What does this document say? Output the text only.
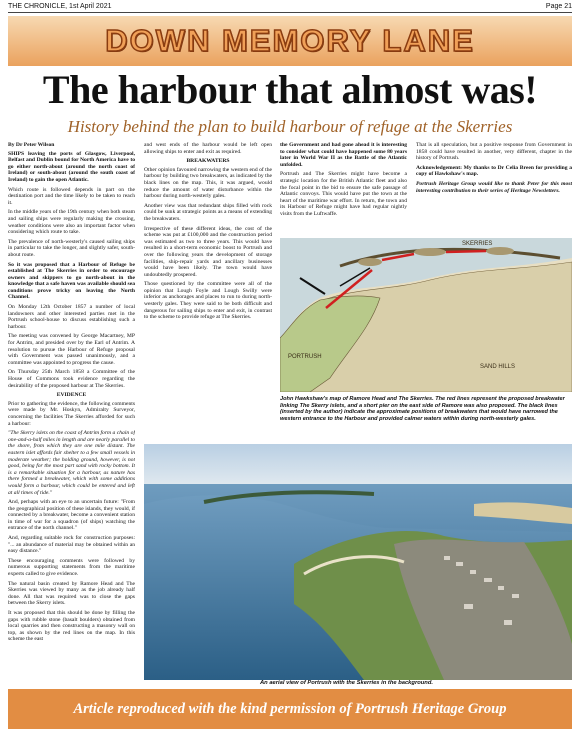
THE CHRONICLE, 1st April 2021	Page 21
DOWN MEMORY LANE
The harbour that almost was!
History behind the plan to build harbour of refuge at the Skerries

By Dr Peter Wilson

SHIPS leaving the ports of Glasgow, Liverpool, Belfast and Dublin bound for North America have to go either north-about (around the north coast of Ireland) or south-about (around the south coast of Ireland) to gain the open Atlantic.

Which route is followed depends in part on the destination port and the time likely to be taken to reach it.

In the middle years of the 19th century when both steam and sailing ships were regularly making the crossing, weather conditions were also an important factor when considering which route to take.

The prevalence of north-westerly's caused sailing ships in particular to take the longer, and slightly safer, south-about route.

So it was proposed that a Harbour of Refuge be established at The Skerries in order to encourage owners and skippers to go north-about in the knowledge that a safe haven was available should sea conditions prove tricky on leaving the North Channel.

On Monday 12th October 1857 a number of local landowners and other interested parties met in the Portrush school-house to discuss establishing such a harbour.

The meeting was convened by George Macartney, MP for Antrim, and presided over by the Earl of Antrim. A resolution to pursue the Harbour of Refuge proposal with Government was passed unanimously, and a committee was appointed to progress the cause.

On Thursday 25th March 1858 a Committee of the House of Commons took evidence regarding the desirability of the proposed harbour at The Skerries.

EVIDENCE

Prior to gathering the evidence, the following comments were made by Mr. Hoskyn, Admiralty Surveyor, concerning the facilities The Skerries afforded for such a harbour:

"The Skerry islets on the coast of Antrim form a chain of one-and-a-half miles in length and are nearly parallel to the shore, from which they are one mile distant. The eastern islet affords fair shelter to a few small vessels in moderate weather; the holding ground, however, is not good, being for the most part sand with rocky bottom. It is a remarkable situation for a harbour, as nature has there formed a breakwater, which with some additions would form a harbour, which could be entered and left at all times of tide."

And, perhaps with an eye to an uncertain future: "From the geographical position of these islands, they would, if connected by a breakwater, become a convenient station in time of war for a squadron (of ships) watching the entrance of the north channel."

And, regarding suitable rock for construction purposes: "... an abundance of material may be obtained within an easy distance."

These encouraging comments were followed by numerous supporting statements from the maritime experts called to give evidence.

The natural basin created by Ramore Head and The Skerries was viewed by many as the job already half done. All that was required was to close the gaps between the Skerry islets.

It was proposed that this should be done by filling the gaps with rubble stone (basalt boulders) obtained from local quarries and then constructing a masonry wall on top, as shown by the red lines on the map. In this scheme the east

and west ends of the harbour would be left open allowing ships to enter and exit as required.

BREAKWATERS

Other opinion favoured narrowing the western end of the harbour by building two breakwaters, as indicated by the black lines on the map. This, it was argued, would reduce the amount of water disturbance within the harbour during north-westerly gales.

Another view was that redundant ships filled with rock could be sunk at strategic points as a means of extending the breakwaters.

Irrespective of these different ideas, the cost of the scheme was put at £100,000 and the construction period was estimated as two to three years. This would have resulted in a short-term economic boost to Portrush and over the following years the development of storage facilities, ship-repair yards and ancillary businesses would have been likely. The town would have undoubtedly prospered.

Those questioned by the committee were all of the opinion that Lough Foyle and Lough Swilly were inferior as anchorages and places to run to during north-westerly gales. They were said to be both difficult and dangerous for sailing ships to enter and exit, in contrast to the scheme to provide refuge at The Skerries.

the Government and had gone ahead it is interesting to consider what could have happened some 80 years later in World War II as the Battle of the Atlantic unfolded.

Portrush and The Skerries might have become a strategic location for the British Atlantic fleet and also the focal point in the bid to ensure the safe passage of Atlantic convoys. This would have put the town at the heart of the maritime war effort. In return, the town and its Harbour of Refuge might have had regular nightly visits from the Luftwaffe.

That is all speculation, but a positive response from Government in 1858 could have resulted in another, very different, chapter in the history of Portrush.

Acknowledgement: My thanks to Dr Celia Breen for providing a copy of Hawkshaw's map.

Portrush Heritage Group would like to thank Peter for this most interesting contribution to their series of Heritage Newsletters.

SKERRIES
PORTRUSH
SAND HILLS
John Hawkshaw's map of Ramore Head and The Skerries. The red lines represent the proposed breakwater linking The Skerry islets, and a short pier on the east side of Ramore was also proposed. The black lines (inserted by the author) indicate the approximate positions of breakwaters that would have narrowed the western entrance to the Harbour and provided calmer waters within during north-westerly gales.
An aerial view of Portrush with the Skerries in the background.
Article reproduced with the kind permission of Portrush Heritage Group
